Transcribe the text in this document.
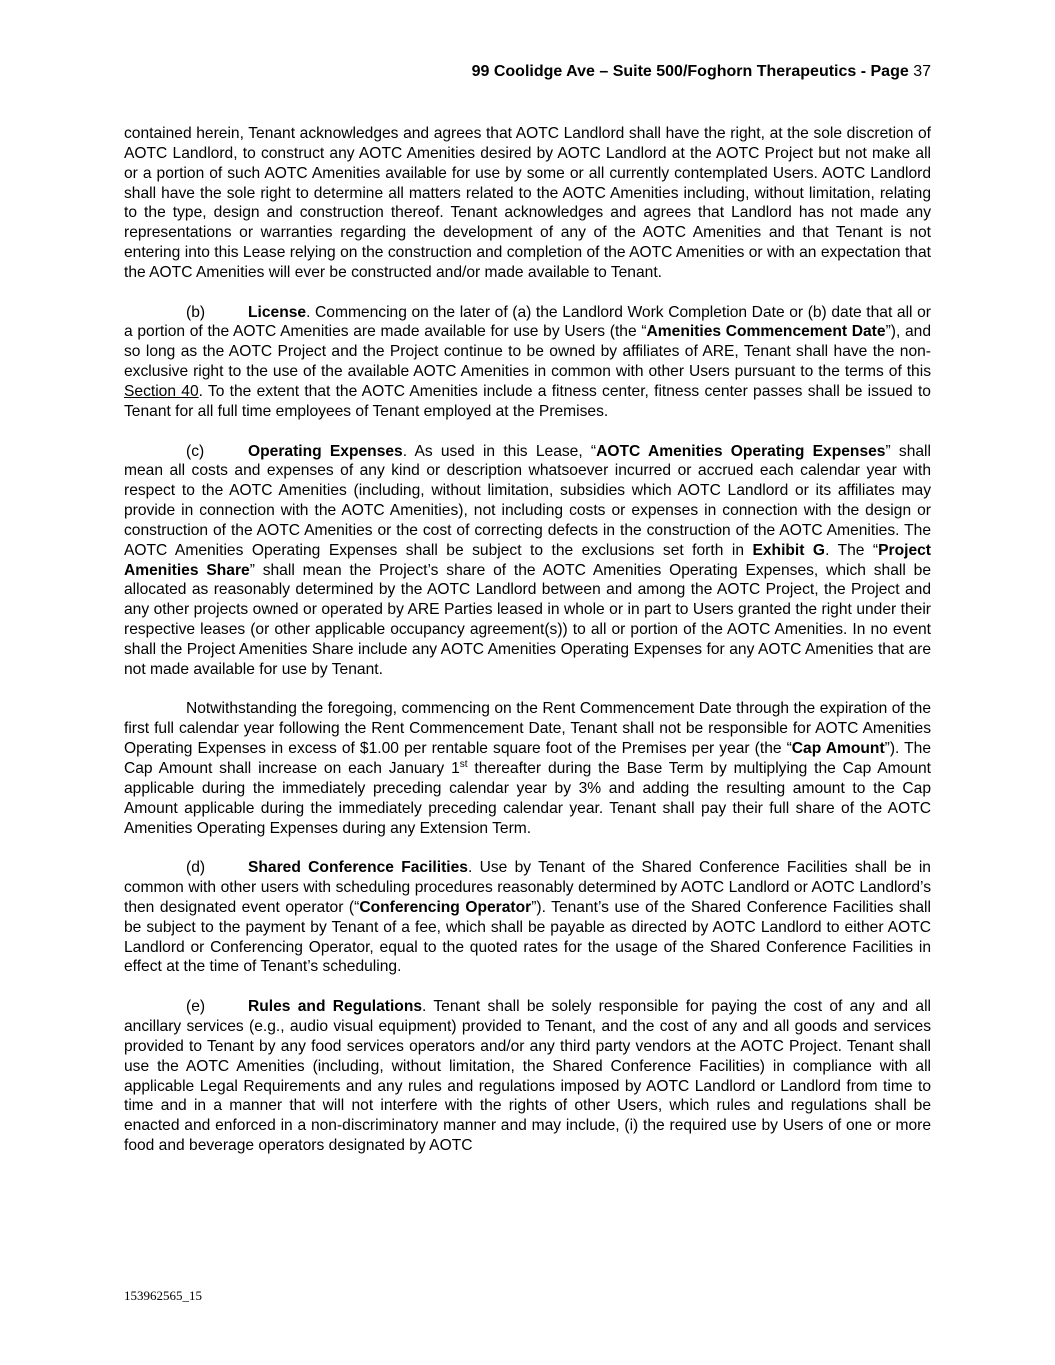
99 Coolidge Ave – Suite 500/Foghorn Therapeutics - Page 37

contained herein, Tenant acknowledges and agrees that AOTC Landlord shall have the right, at the sole discretion of AOTC Landlord, to construct any AOTC Amenities desired by AOTC Landlord at the AOTC Project but not make all or a portion of such AOTC Amenities available for use by some or all currently contemplated Users. AOTC Landlord shall have the sole right to determine all matters related to the AOTC Amenities including, without limitation, relating to the type, design and construction thereof. Tenant acknowledges and agrees that Landlord has not made any representations or warranties regarding the development of any of the AOTC Amenities and that Tenant is not entering into this Lease relying on the construction and completion of the AOTC Amenities or with an expectation that the AOTC Amenities will ever be constructed and/or made available to Tenant.

(b)	License. Commencing on the later of (a) the Landlord Work Completion Date or (b) date that all or a portion of the AOTC Amenities are made available for use by Users (the “Amenities Commencement Date”), and so long as the AOTC Project and the Project continue to be owned by affiliates of ARE, Tenant shall have the non-exclusive right to the use of the available AOTC Amenities in common with other Users pursuant to the terms of this Section 40. To the extent that the AOTC Amenities include a fitness center, fitness center passes shall be issued to Tenant for all full time employees of Tenant employed at the Premises.

(c)	Operating Expenses. As used in this Lease, “AOTC Amenities Operating Expenses” shall mean all costs and expenses of any kind or description whatsoever incurred or accrued each calendar year with respect to the AOTC Amenities (including, without limitation, subsidies which AOTC Landlord or its affiliates may provide in connection with the AOTC Amenities), not including costs or expenses in connection with the design or construction of the AOTC Amenities or the cost of correcting defects in the construction of the AOTC Amenities. The AOTC Amenities Operating Expenses shall be subject to the exclusions set forth in Exhibit G. The “Project Amenities Share” shall mean the Project’s share of the AOTC Amenities Operating Expenses, which shall be allocated as reasonably determined by the AOTC Landlord between and among the AOTC Project, the Project and any other projects owned or operated by ARE Parties leased in whole or in part to Users granted the right under their respective leases (or other applicable occupancy agreement(s)) to all or portion of the AOTC Amenities. In no event shall the Project Amenities Share include any AOTC Amenities Operating Expenses for any AOTC Amenities that are not made available for use by Tenant.

Notwithstanding the foregoing, commencing on the Rent Commencement Date through the expiration of the first full calendar year following the Rent Commencement Date, Tenant shall not be responsible for AOTC Amenities Operating Expenses in excess of $1.00 per rentable square foot of the Premises per year (the “Cap Amount”). The Cap Amount shall increase on each January 1st thereafter during the Base Term by multiplying the Cap Amount applicable during the immediately preceding calendar year by 3% and adding the resulting amount to the Cap Amount applicable during the immediately preceding calendar year. Tenant shall pay their full share of the AOTC Amenities Operating Expenses during any Extension Term.

(d)	Shared Conference Facilities. Use by Tenant of the Shared Conference Facilities shall be in common with other users with scheduling procedures reasonably determined by AOTC Landlord or AOTC Landlord’s then designated event operator (“Conferencing Operator”). Tenant’s use of the Shared Conference Facilities shall be subject to the payment by Tenant of a fee, which shall be payable as directed by AOTC Landlord to either AOTC Landlord or Conferencing Operator, equal to the quoted rates for the usage of the Shared Conference Facilities in effect at the time of Tenant’s scheduling.

(e)	Rules and Regulations. Tenant shall be solely responsible for paying the cost of any and all ancillary services (e.g., audio visual equipment) provided to Tenant, and the cost of any and all goods and services provided to Tenant by any food services operators and/or any third party vendors at the AOTC Project. Tenant shall use the AOTC Amenities (including, without limitation, the Shared Conference Facilities) in compliance with all applicable Legal Requirements and any rules and regulations imposed by AOTC Landlord or Landlord from time to time and in a manner that will not interfere with the rights of other Users, which rules and regulations shall be enacted and enforced in a non-discriminatory manner and may include, (i) the required use by Users of one or more food and beverage operators designated by AOTC

153962565_15
